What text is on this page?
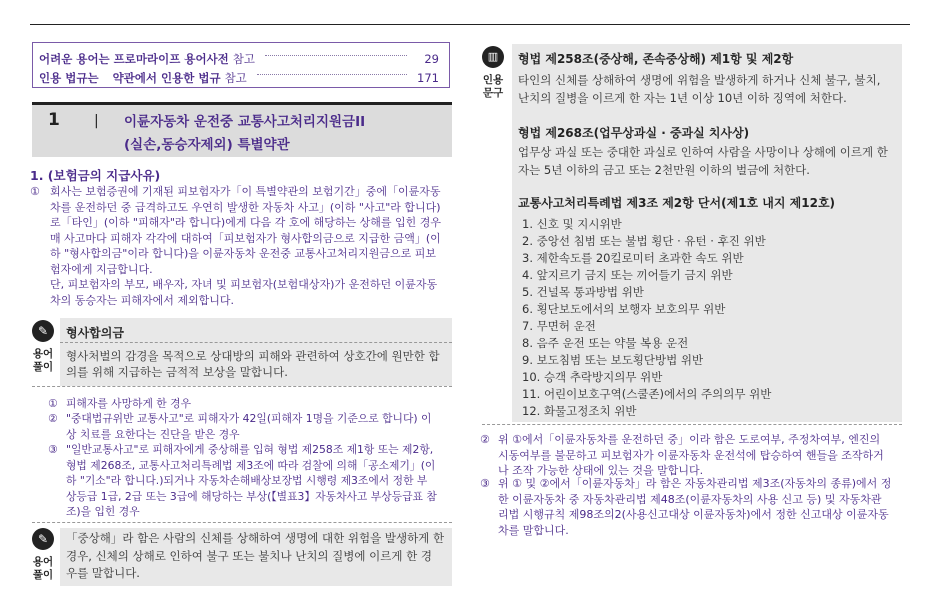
어려운 용어는 프로마라이프 용어사전 참고	29
인용 법규는 약관에서 인용한 법규 참고	171
1 | 이륜자동차 운전중 교통사고처리지원금II
(실손,동승자제외) 특별약관
1. (보험금의 지급사유)
① 회사는 보험증권에 기재된 피보험자가「이 특별약관의 보험기간」중에「이륜자동
차를 운전하던 중 급격하고도 우연히 발생한 자동차 사고」(이하 "사고"라 합니다)
로「타인」(이하 "피해자"라 합니다)에게 다음 각 호에 해당하는 상해를 입힌 경우
매 사고마다 피해자 각각에 대하여「피보험자가 형사합의금으로 지급한 금액」(이
하 "형사합의금"이라 합니다)을 이륜자동차 운전중 교통사고처리지원금으로 피보
험자에게 지급합니다.
단, 피보험자의 부모, 배우자, 자녀 및 피보험자(보험대상자)가 운전하던 이륜자동
차의 동승자는 피해자에서 제외합니다.
✎
용어
풀이
형사합의금
형사처벌의 감경을 목적으로 상대방의 피해와 관련하여 상호간에 원만한 합
의를 위해 지급하는 금적적 보상을 말합니다.
① 피해자를 사망하게 한 경우
② "중대법규위반 교통사고"로 피해자가 42일(피해자 1명을 기준으로 합니다) 이
상 치료를 요한다는 진단을 받은 경우
③ "일반교통사고"로 피해자에게 중상해를 입혀 형법 제258조 제1항 또는 제2항,
형법 제268조, 교통사고처리특례법 제3조에 따라 검찰에 의해「공소제기」(이
하 "기소"라 합니다.)되거나 자동차손해배상보장법 시행령 제3조에서 정한 부
상등급 1급, 2급 또는 3급에 해당하는 부상(【별표3】자동차사고 부상등급표 참
조)을 입힌 경우
✎
용어
풀이
「중상해」라 함은 사람의 신체를 상해하여 생명에 대한 위험을 발생하게 한
경우, 신체의 상해로 인하여 불구 또는 불치나 난치의 질병에 이르게 한 경
우를 말합니다.
▥
인용
문구
형법 제258조(중상해, 존속중상해) 제1항 및 제2항
타인의 신체를 상해하여 생명에 위험을 발생하게 하거나 신체 불구, 불치,
난치의 질병을 이르게 한 자는 1년 이상 10년 이하 징역에 처한다.
형법 제268조(업무상과실 · 중과실 치사상)
업무상 과실 또는 중대한 과실로 인하여 사람을 사망이나 상해에 이르게 한
자는 5년 이하의 금고 또는 2천만원 이하의 벌금에 처한다.
교통사고처리특례법 제3조 제2항 단서(제1호 내지 제12호)
1. 신호 및 지시위반
2. 중앙선 침범 또는 불법 횡단 · 유턴 · 후진 위반
3. 제한속도를 20킬로미터 초과한 속도 위반
4. 앞지르기 금지 또는 끼어들기 금지 위반
5. 건널목 통과방법 위반
6. 횡단보도에서의 보행자 보호의무 위반
7. 무면허 운전
8. 음주 운전 또는 약물 복용 운전
9. 보도침범 또는 보도횡단방법 위반
10. 승객 추락방지의무 위반
11. 어린이보호구역(스쿨존)에서의 주의의무 위반
12. 화물고정조치 위반
② 위 ①에서「이륜자동차를 운전하던 중」이라 함은 도로여부, 주정차여부, 엔진의
시동여부를 불문하고 피보험자가 이륜자동차 운전석에 탑승하여 핸들을 조작하거
나 조작 가능한 상태에 있는 것을 말합니다.
③ 위 ① 및 ②에서「이륜자동차」라 함은 자동차관리법 제3조(자동차의 종류)에서 정
한 이륜자동차 중 자동차관리법 제48조(이륜자동차의 사용 신고 등) 및 자동차관
리법 시행규칙 제98조의2(사용신고대상 이륜자동차)에서 정한 신고대상 이륜자동
차를 말합니다.
